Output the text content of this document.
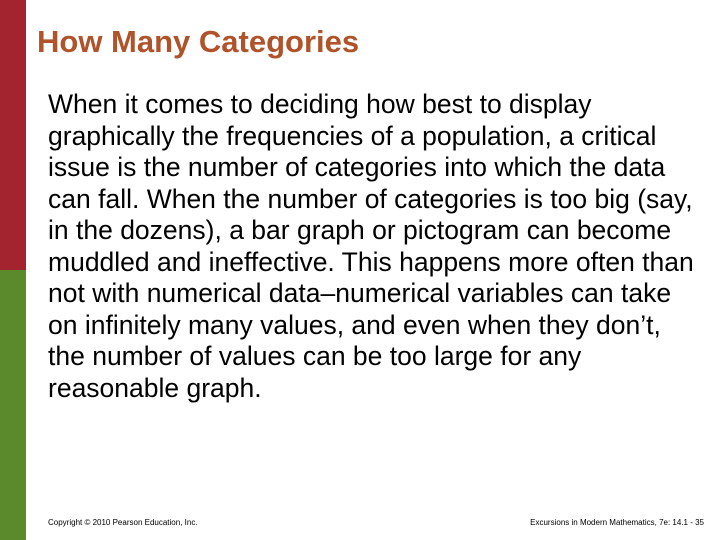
How Many Categories

When it comes to deciding how best to display graphically the frequencies of a population, a critical issue is the number of categories into which the data can fall. When the number of categories is too big (say, in the dozens), a bar graph or pictogram can become muddled and ineffective. This happens more often than not with numerical data–numerical variables can take on infinitely many values, and even when they don’t, the number of values can be too large for any reasonable graph.

Copyright © 2010 Pearson Education, Inc.	Excursions in Modern Mathematics, 7e: 14.1 - 35
